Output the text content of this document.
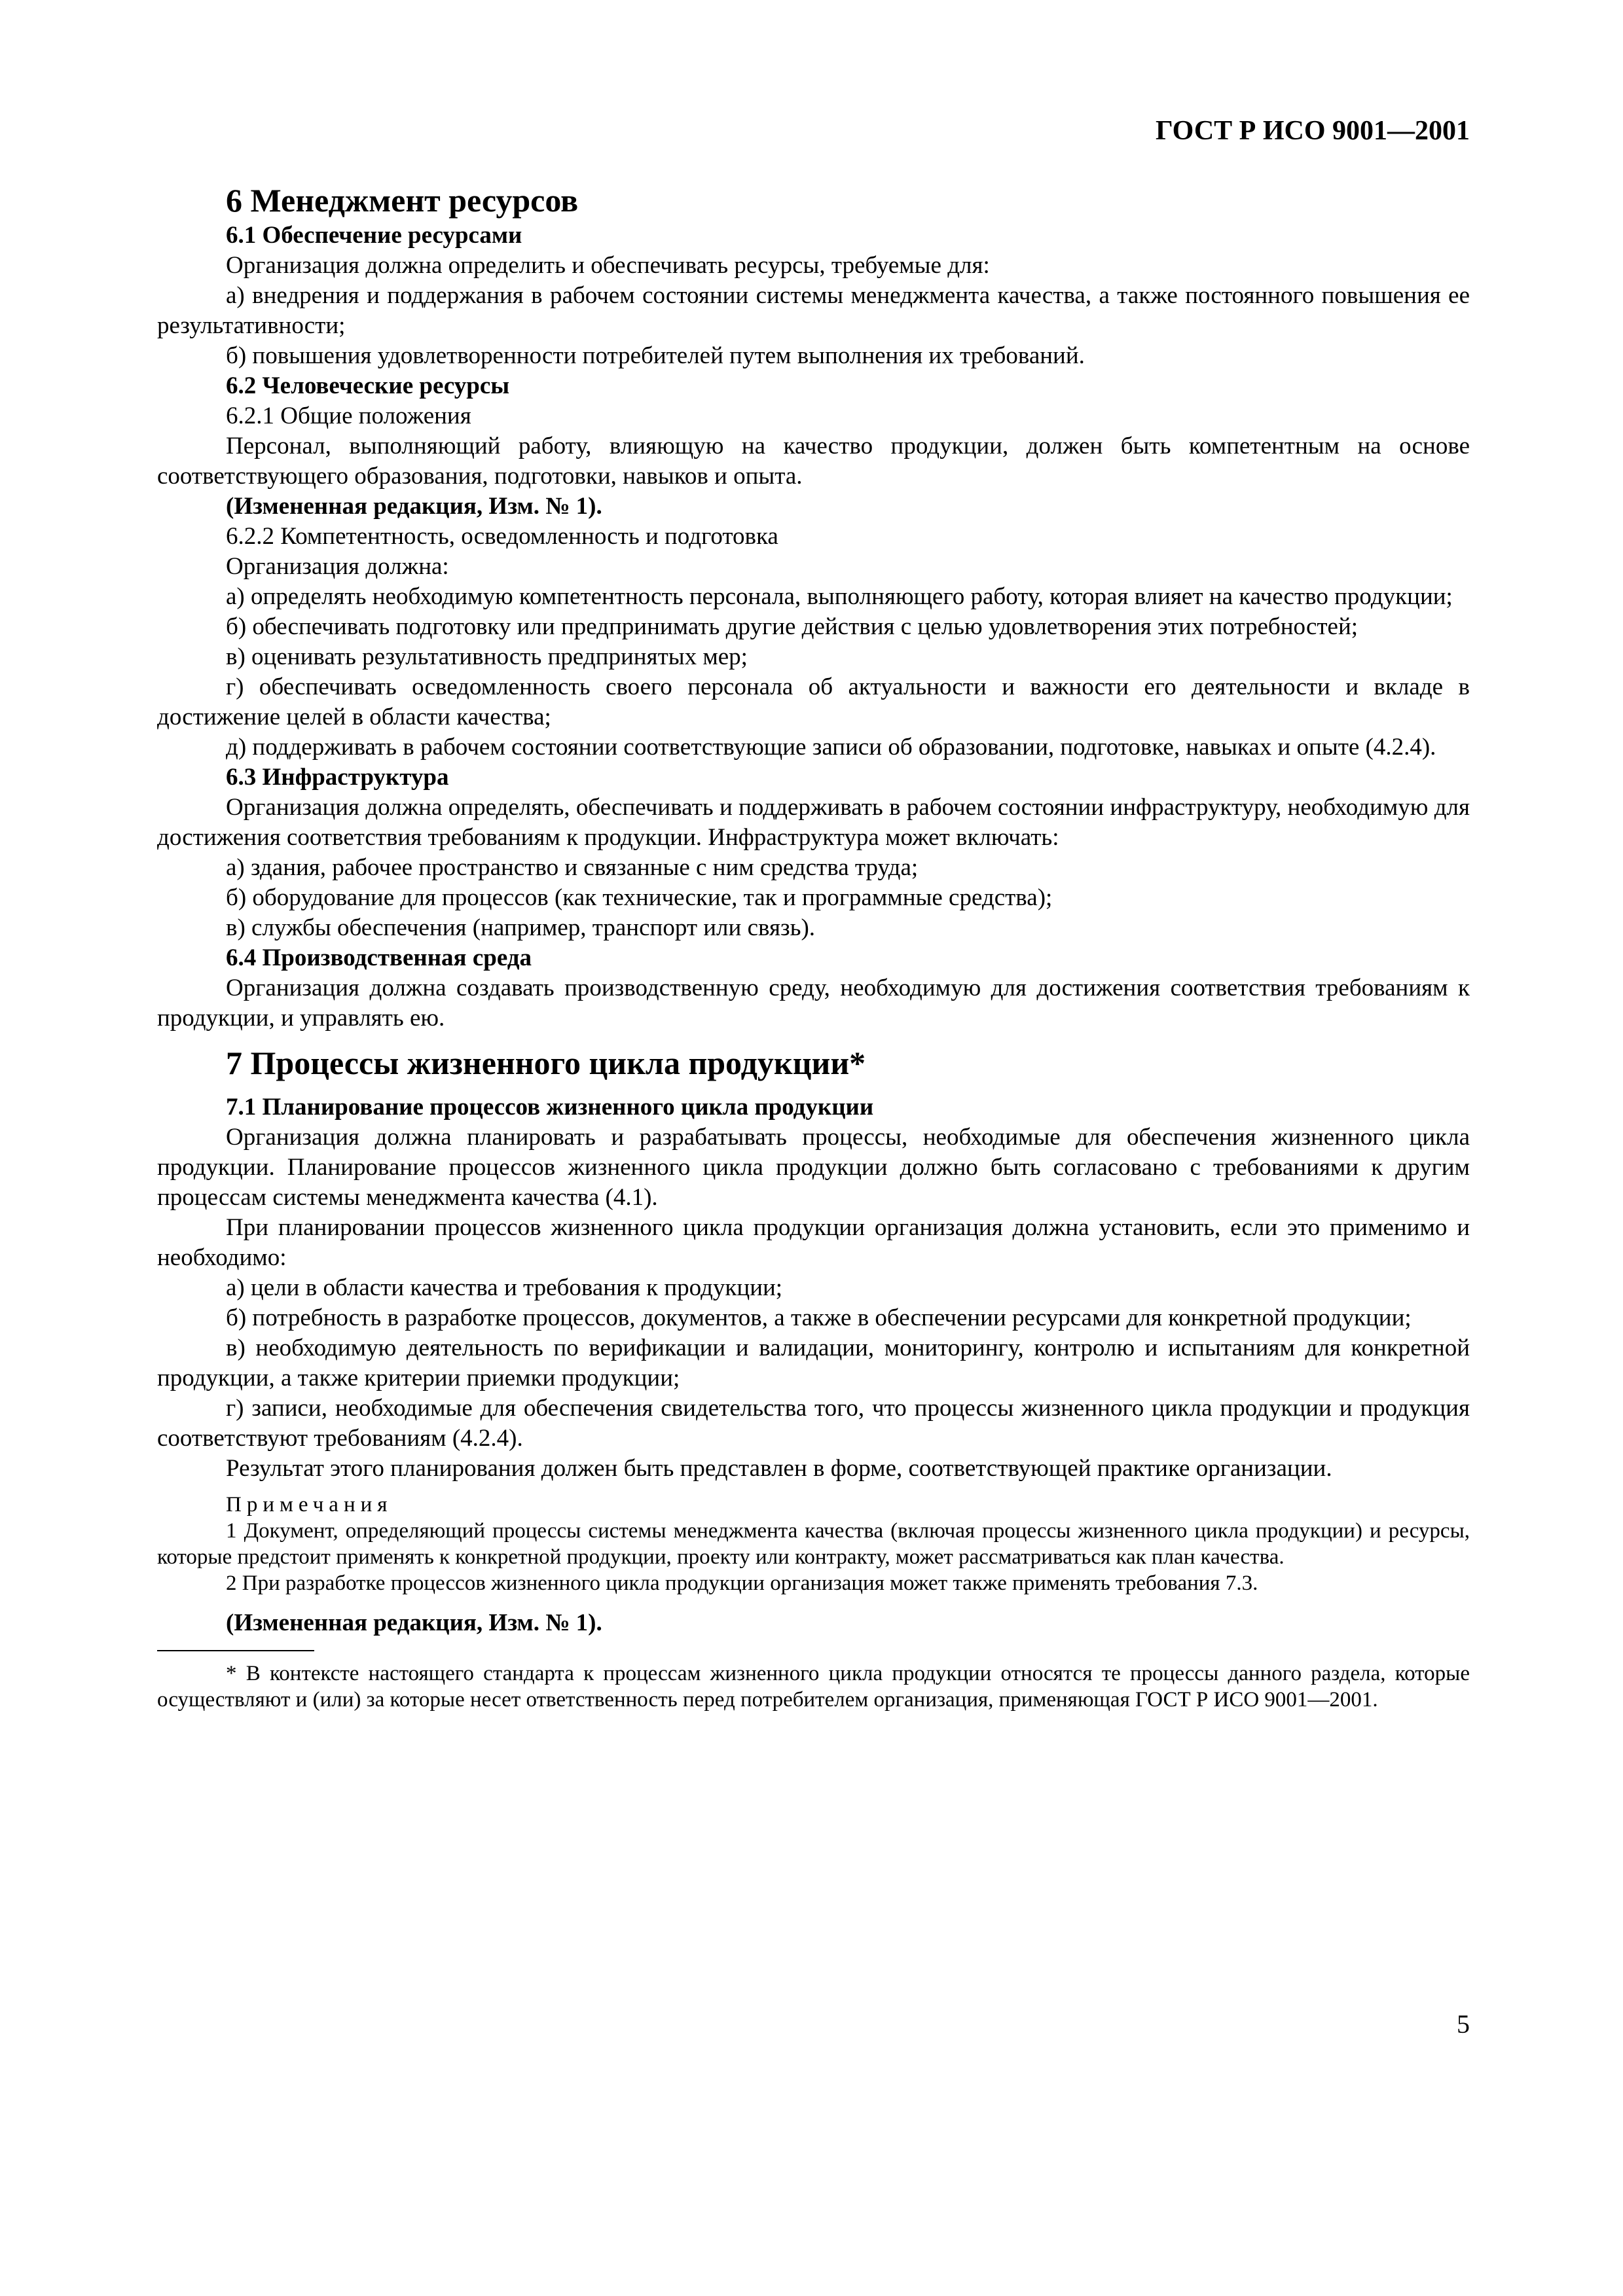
ГОСТ Р ИСО 9001—2001
6 Менеджмент ресурсов
6.1 Обеспечение ресурсами

Организация должна определить и обеспечивать ресурсы, требуемые для:

а) внедрения и поддержания в рабочем состоянии системы менеджмента качества, а также постоянного повышения ее результативности;

б) повышения удовлетворенности потребителей путем выполнения их требований.

6.2 Человеческие ресурсы

6.2.1 Общие положения

Персонал, выполняющий работу, влияющую на качество продукции, должен быть компетентным на основе соответствующего образования, подготовки, навыков и опыта.

(Измененная редакция, Изм. № 1).

6.2.2 Компетентность, осведомленность и подготовка

Организация должна:

а) определять необходимую компетентность персонала, выполняющего работу, которая влияет на качество продукции;

б) обеспечивать подготовку или предпринимать другие действия с целью удовлетворения этих потребностей;

в) оценивать результативность предпринятых мер;

г) обеспечивать осведомленность своего персонала об актуальности и важности его деятельности и вкладе в достижение целей в области качества;

д) поддерживать в рабочем состоянии соответствующие записи об образовании, подготовке, навыках и опыте (4.2.4).

6.3 Инфраструктура

Организация должна определять, обеспечивать и поддерживать в рабочем состоянии инфраструктуру, необходимую для достижения соответствия требованиям к продукции. Инфраструктура может включать:

а) здания, рабочее пространство и связанные с ним средства труда;

б) оборудование для процессов (как технические, так и программные средства);

в) службы обеспечения (например, транспорт или связь).

6.4 Производственная среда

Организация должна создавать производственную среду, необходимую для достижения соответствия требованиям к продукции, и управлять ею.

7 Процессы жизненного цикла продукции*
7.1 Планирование процессов жизненного цикла продукции

Организация должна планировать и разрабатывать процессы, необходимые для обеспечения жизненного цикла продукции. Планирование процессов жизненного цикла продукции должно быть согласовано с требованиями к другим процессам системы менеджмента качества (4.1).

При планировании процессов жизненного цикла продукции организация должна установить, если это применимо и необходимо:

а) цели в области качества и требования к продукции;

б) потребность в разработке процессов, документов, а также в обеспечении ресурсами для конкретной продукции;

в) необходимую деятельность по верификации и валидации, мониторингу, контролю и испытаниям для конкретной продукции, а также критерии приемки продукции;

г) записи, необходимые для обеспечения свидетельства того, что процессы жизненного цикла продукции и продукция соответствуют требованиям (4.2.4).

Результат этого планирования должен быть представлен в форме, соответствующей практике организации.

Примечания

1 Документ, определяющий процессы системы менеджмента качества (включая процессы жизненного цикла продукции) и ресурсы, которые предстоит применять к конкретной продукции, проекту или контракту, может рассматриваться как план качества.

2 При разработке процессов жизненного цикла продукции организация может также применять требования 7.3.

(Измененная редакция, Изм. № 1).

* В контексте настоящего стандарта к процессам жизненного цикла продукции относятся те процессы данного раздела, которые осуществляют и (или) за которые несет ответственность перед потребителем организация, применяющая ГОСТ Р ИСО 9001—2001.

5
